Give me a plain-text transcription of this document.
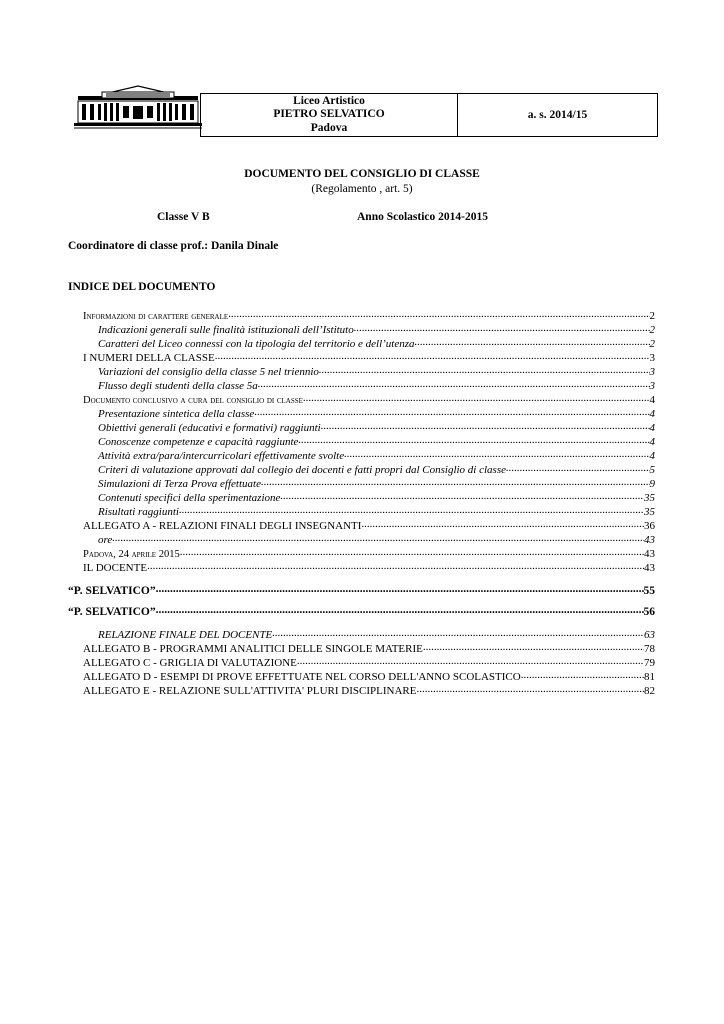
Liceo Artistico
PIETRO SELVATICO
Padova
a. s. 2014/15
DOCUMENTO DEL CONSIGLIO DI CLASSE
(Regolamento , art. 5)
Classe V B	Anno Scolastico 2014-2015
Coordinatore di classe prof.: Danila Dinale
INDICE DEL DOCUMENTO
Informazioni di carattere generale .....	2
Indicazioni generali sulle finalità istituzionali dell’Istituto .....	2
Caratteri del Liceo connessi con la tipologia del territorio e dell’utenza .....	2
I NUMERI DELLA CLASSE .....	3
Variazioni del consiglio della classe 5 nel triennio .....	3
Flusso degli studenti della classe 5a .....	3
Documento conclusivo a cura del consiglio di classe .....	4
Presentazione sintetica della classe .....	4
Obiettivi generali (educativi e formativi) raggiunti .....	4
Conoscenze competenze e capacità raggiunte .....	4
Attività extra/para/intercurricolari effettivamente svolte .....	4
Criteri di valutazione approvati dal collegio dei docenti e fatti propri dal Consiglio di classe .....	5
Simulazioni di Terza Prova effettuate .....	9
Contenuti specifici della sperimentazione .....	35
Risultati raggiunti .....	35
ALLEGATO A - RELAZIONI FINALI DEGLI INSEGNANTI .....	36
ore .....	43
Padova, 24 aprile 2015 .....	43
IL DOCENTE .....	43
“P. SELVATICO” .....	55
“P. SELVATICO” .....	56
RELAZIONE FINALE DEL DOCENTE .....	63
ALLEGATO B - PROGRAMMI ANALITICI DELLE SINGOLE MATERIE .....	78
ALLEGATO C - GRIGLIA DI VALUTAZIONE .....	79
ALLEGATO D - ESEMPI DI PROVE EFFETTUATE NEL CORSO DELL'ANNO SCOLASTICO .....	81
ALLEGATO E - RELAZIONE SULL'ATTIVITA' PLURI DISCIPLINARE .....	82
